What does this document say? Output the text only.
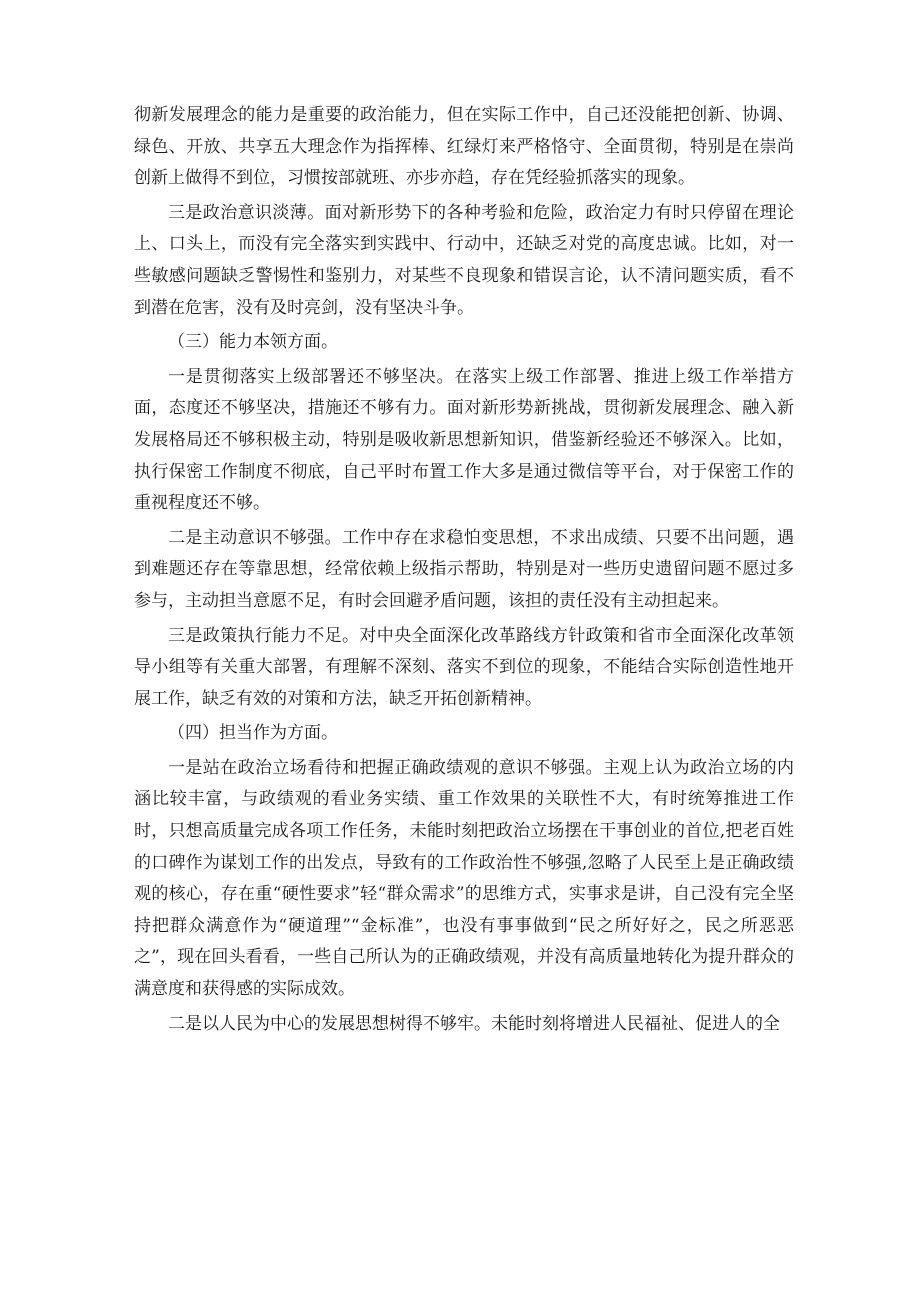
彻新发展理念的能力是重要的政治能力，但在实际工作中，自己还没能把创新、协调、绿色、开放、共享五大理念作为指挥棒、红绿灯来严格恪守、全面贯彻，特别是在崇尚创新上做得不到位，习惯按部就班、亦步亦趋，存在凭经验抓落实的现象。

三是政治意识淡薄。面对新形势下的各种考验和危险，政治定力有时只停留在理论上、口头上，而没有完全落实到实践中、行动中，还缺乏对党的高度忠诚。比如，对一些敏感问题缺乏警惕性和鉴别力，对某些不良现象和错误言论，认不清问题实质，看不到潜在危害，没有及时亮剑，没有坚决斗争。

（三）能力本领方面。

一是贯彻落实上级部署还不够坚决。在落实上级工作部署、推进上级工作举措方面，态度还不够坚决，措施还不够有力。面对新形势新挑战，贯彻新发展理念、融入新发展格局还不够积极主动，特别是吸收新思想新知识，借鉴新经验还不够深入。比如，执行保密工作制度不彻底，自己平时布置工作大多是通过微信等平台，对于保密工作的重视程度还不够。

二是主动意识不够强。工作中存在求稳怕变思想，不求出成绩、只要不出问题，遇到难题还存在等靠思想，经常依赖上级指示帮助，特别是对一些历史遗留问题不愿过多参与，主动担当意愿不足，有时会回避矛盾问题，该担的责任没有主动担起来。

三是政策执行能力不足。对中央全面深化改革路线方针政策和省市全面深化改革领导小组等有关重大部署，有理解不深刻、落实不到位的现象，不能结合实际创造性地开展工作，缺乏有效的对策和方法，缺乏开拓创新精神。

（四）担当作为方面。

一是站在政治立场看待和把握正确政绩观的意识不够强。主观上认为政治立场的内涵比较丰富，与政绩观的看业务实绩、重工作效果的关联性不大，有时统筹推进工作时，只想高质量完成各项工作任务，未能时刻把政治立场摆在干事创业的首位,把老百姓的口碑作为谋划工作的出发点，导致有的工作政治性不够强,忽略了人民至上是正确政绩观的核心，存在重“硬性要求”轻“群众需求”的思维方式，实事求是讲，自己没有完全坚持把群众满意作为“硬道理”“金标准”，也没有事事做到“民之所好好之，民之所恶恶之”，现在回头看看，一些自己所认为的正确政绩观，并没有高质量地转化为提升群众的满意度和获得感的实际成效。

二是以人民为中心的发展思想树得不够牢。未能时刻将增进人民福祉、促进人的全
